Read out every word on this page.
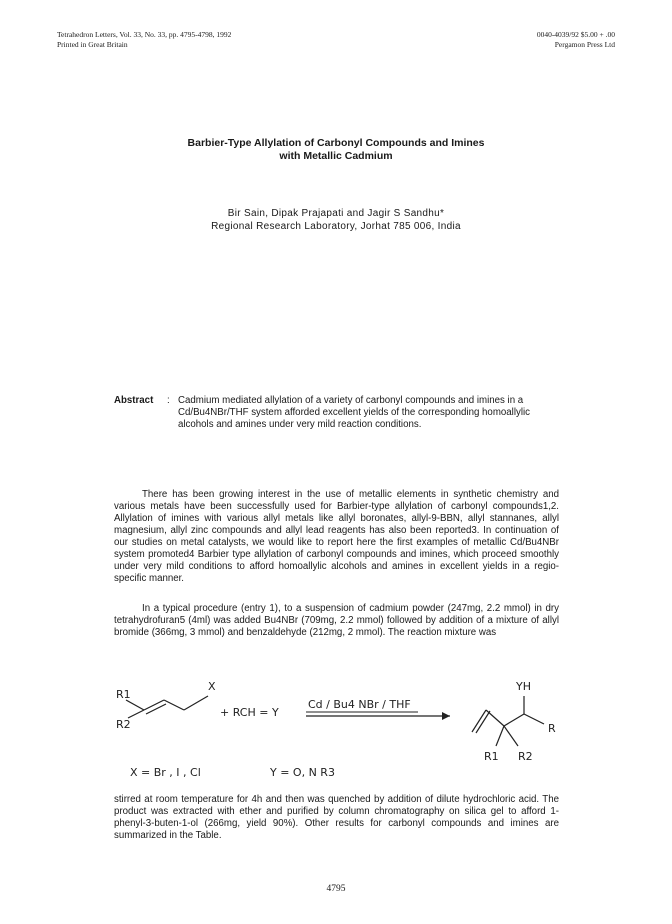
Tetrahedron Letters, Vol. 33, No. 33, pp. 4795-4798, 1992
Printed in Great Britain
0040-4039/92 $5.00 + .00
Pergamon Press Ltd
Barbier-Type Allylation of Carbonyl Compounds and Imines
with Metallic Cadmium
Bir Sain, Dipak Prajapati and Jagir S Sandhu*
Regional Research Laboratory, Jorhat 785 006, India
Abstract : Cadmium mediated allylation of a variety of carbonyl compounds and imines in a Cd/Bu4NBr/THF system afforded excellent yields of the corresponding homoallylic alcohols and amines under very mild reaction conditions.
There has been growing interest in the use of metallic elements in synthetic chemistry and various metals have been successfully used for Barbier-type allylation of carbonyl compounds1,2. Allylation of imines with various allyl metals like allyl boronates, allyl-9-BBN, allyl stannanes, allyl magnesium, allyl zinc compounds and allyl lead reagents has also been reported3. In continuation of our studies on metal catalysts, we would like to report here the first examples of metallic Cd/Bu4NBr system promoted4 Barbier type allylation of carbonyl compounds and imines, which proceed smoothly under very mild conditions to afford homoallylic alcohols and amines in excellent yields in a regio-specific manner.
In a typical procedure (entry 1), to a suspension of cadmium powder (247mg, 2.2 mmol) in dry tetrahydrofuran5 (4ml) was added Bu4NBr (709mg, 2.2 mmol) followed by addition of a mixture of allyl bromide (366mg, 3 mmol) and benzaldehyde (212mg, 2 mmol). The reaction mixture was
R1
R2
X
+ RCH = Y
Cd / Bu4 NBr / THF
YH
R
R1 R2
X = Br , I , Cl	Y = O, N R3
stirred at room temperature for 4h and then was quenched by addition of dilute hydrochloric acid. The product was extracted with ether and purified by column chromatography on silica gel to afford 1-phenyl-3-buten-1-ol (266mg, yield 90%). Other results for carbonyl compounds and imines are summarized in the Table.
4795
